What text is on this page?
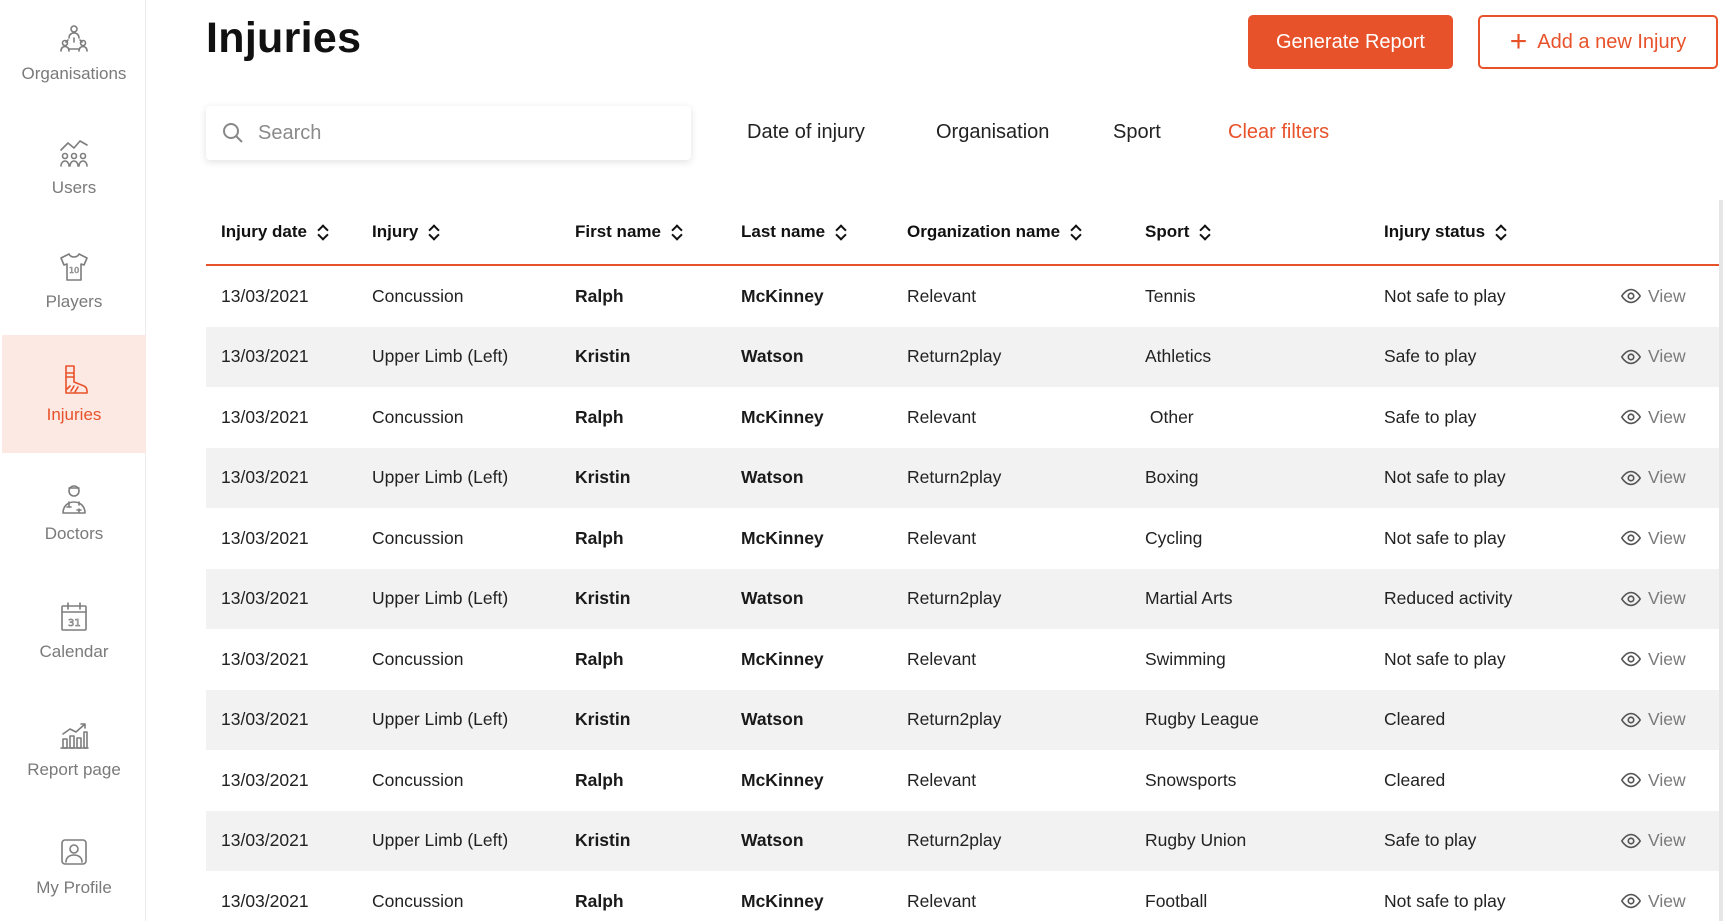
Organisations
Users
10
Players
Injuries
Doctors
31
Calendar
Report page
My Profile
Injuries	Generate Report	+ Add a new Injury
Search
Date of injury	Organisation	Sport	Clear filters
Injury date	Injury	First name	Last name	Organization name	Sport	Injury status
13/03/2021	Concussion	Ralph	McKinney	Relevant	Tennis	Not safe to play	View
13/03/2021	Upper Limb (Left)	Kristin	Watson	Return2play	Athletics	Safe to play	View
13/03/2021	Concussion	Ralph	McKinney	Relevant	Other	Safe to play	View
13/03/2021	Upper Limb (Left)	Kristin	Watson	Return2play	Boxing	Not safe to play	View
13/03/2021	Concussion	Ralph	McKinney	Relevant	Cycling	Not safe to play	View
13/03/2021	Upper Limb (Left)	Kristin	Watson	Return2play	Martial Arts	Reduced activity	View
13/03/2021	Concussion	Ralph	McKinney	Relevant	Swimming	Not safe to play	View
13/03/2021	Upper Limb (Left)	Kristin	Watson	Return2play	Rugby League	Cleared	View
13/03/2021	Concussion	Ralph	McKinney	Relevant	Snowsports	Cleared	View
13/03/2021	Upper Limb (Left)	Kristin	Watson	Return2play	Rugby Union	Safe to play	View
13/03/2021	Concussion	Ralph	McKinney	Relevant	Football	Not safe to play	View
